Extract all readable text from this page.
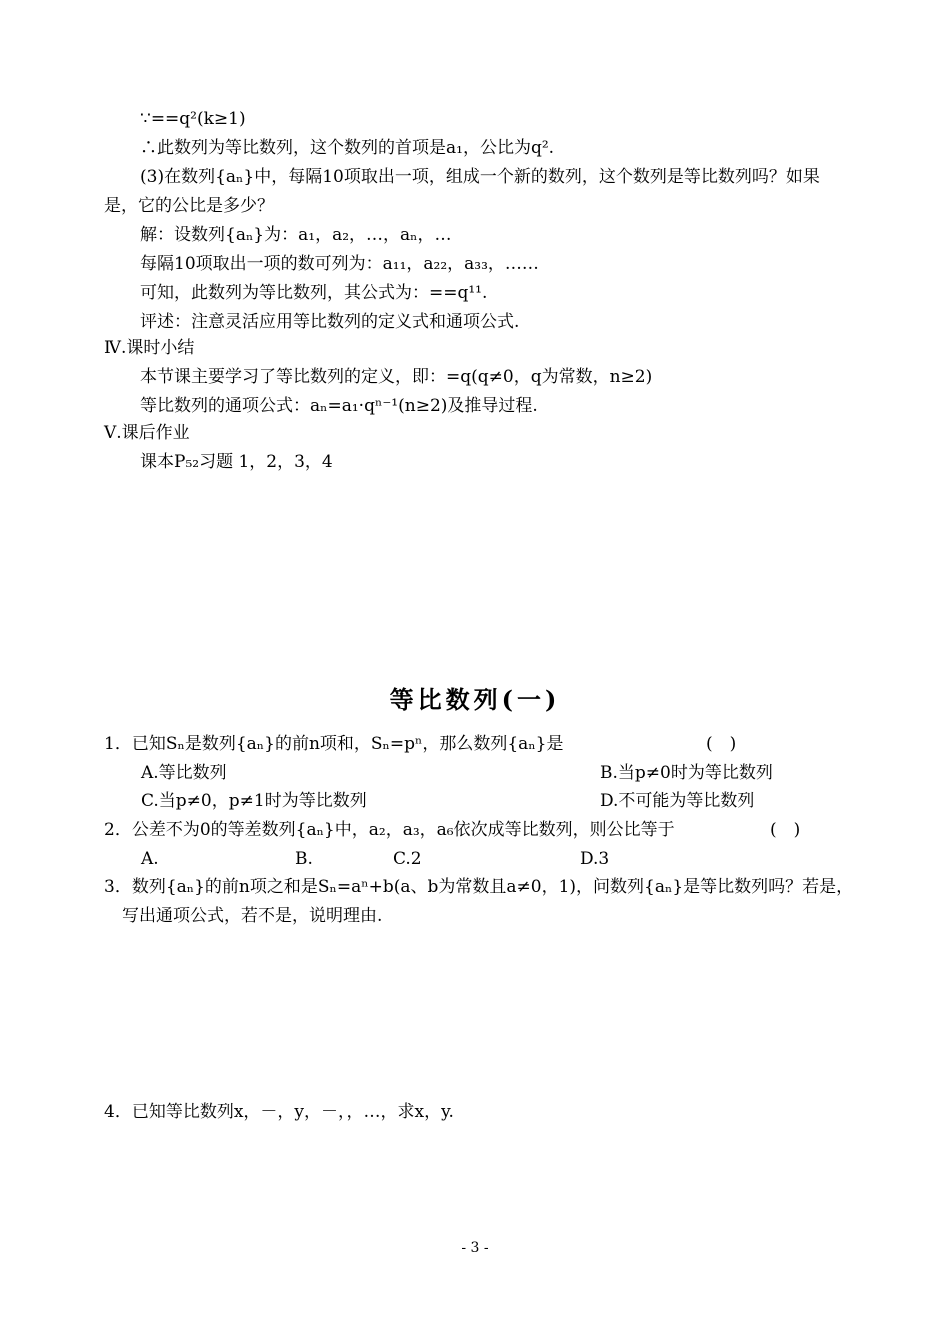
∵==q²(k≥1)
∴此数列为等比数列，这个数列的首项是a₁，公比为q².
(3)在数列{aₙ}中，每隔10项取出一项，组成一个新的数列，这个数列是等比数列吗？如果
是，它的公比是多少？
解：设数列{aₙ}为：a₁，a₂，…，aₙ，…
每隔10项取出一项的数可列为：a₁₁，a₂₂，a₃₃，……
可知，此数列为等比数列，其公式为：==q¹¹.
评述：注意灵活应用等比数列的定义式和通项公式.
Ⅳ.课时小结
本节课主要学习了等比数列的定义，即：=q(q≠0，q为常数，n≥2)
等比数列的通项公式：aₙ=a₁·qⁿ⁻¹(n≥2)及推导过程.
Ⅴ.课后作业
课本P₅₂习题 1，2，3，4
等比数列(一)
1．已知Sₙ是数列{aₙ}的前n项和，Sₙ=pⁿ，那么数列{aₙ}是	(　)
A.等比数列	B.当p≠0时为等比数列
C.当p≠0，p≠1时为等比数列	D.不可能为等比数列
2．公差不为0的等差数列{aₙ}中，a₂，a₃，a₆依次成等比数列，则公比等于	(　)
A.	B.	C.2	D.3
3．数列{aₙ}的前n项之和是Sₙ=aⁿ+b(a、b为常数且a≠0，1)，问数列{aₙ}是等比数列吗？若是，
写出通项公式，若不是，说明理由.
4．已知等比数列x，－，y，－，，…，求x，y.
- 3 -
